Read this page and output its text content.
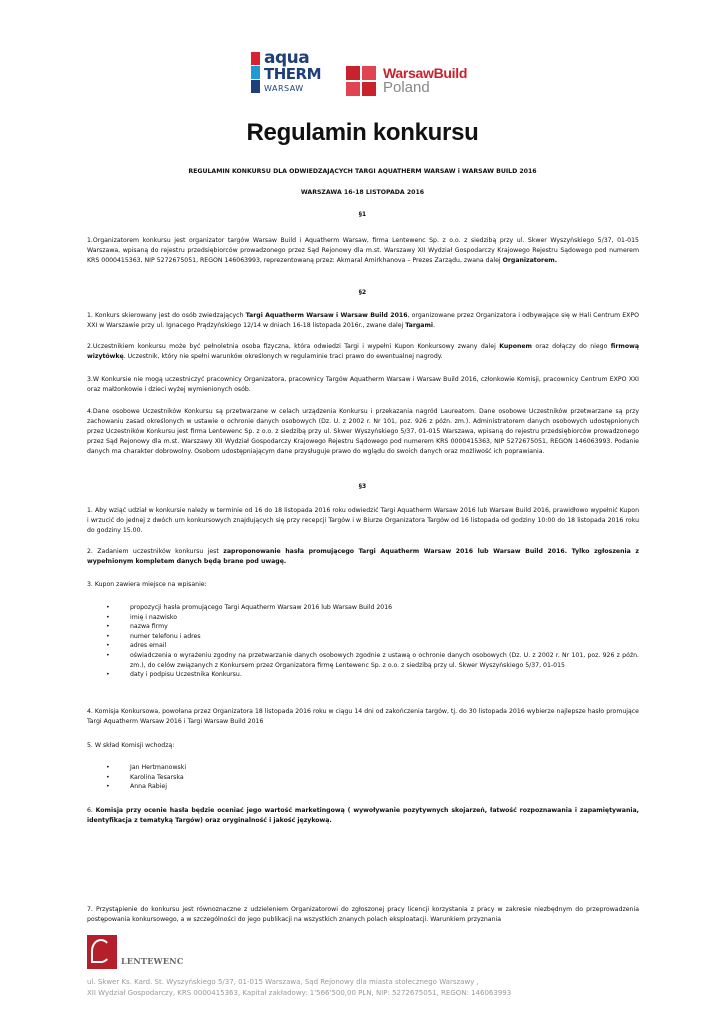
aqua
THERM
WARSAW
WarsawBuild
Poland
Regulamin konkursu
REGULAMIN KONKURSU DLA ODWIEDZAJĄCYCH TARGI AQUATHERM WARSAW i WARSAW BUILD 2016
WARSZAWA 16-18 LISTOPADA 2016
§1

1.Organizatorem konkursu jest organizator targów Warsaw Build i Aquatherm Warsaw, firma Lentewenc Sp. z o.o. z siedzibą przy ul. Skwer Wyszyńskiego 5/37, 01-015 Warszawa, wpisaną do rejestru przedsiębiorców prowadzonego przez Sąd Rejonowy dla m.st. Warszawy XII Wydział Gospodarczy Krajowego Rejestru Sądowego pod numerem KRS 0000415363, NIP 5272675051, REGON 146063993, reprezentowaną przez: Akmaral Amirkhanova – Prezes Zarządu, zwana dalej Organizatorem.

§2

1. Konkurs skierowany jest do osób zwiedzających Targi Aquatherm Warsaw i Warsaw Build 2016, organizowane przez Organizatora i odbywające się w Hali Centrum EXPO XXI w Warszawie przy ul. Ignacego Prądzyńskiego 12/14 w dniach 16-18 listopada 2016r., zwane dalej Targami.

2.Uczestnikiem konkursu może być pełnoletnia osoba fizyczna, która odwiedzi Targi i wypełni Kupon Konkursowy zwany dalej Kuponem oraz dołączy do niego firmową wizytówkę. Uczestnik, który nie spełni warunków określonych w regulaminie traci prawo do ewentualnej nagrody.

3.W Konkursie nie mogą uczestniczyć pracownicy Organizatora, pracownicy Targów Aquatherm Warsaw i Warsaw Build 2016, członkowie Komisji, pracownicy Centrum EXPO XXI oraz małżonkowie i dzieci wyżej wymienionych osób.

4.Dane osobowe Uczestników Konkursu są przetwarzane w celach urządzenia Konkursu i przekazania nagród Laureatom. Dane osobowe Uczestników przetwarzane są przy zachowaniu zasad określonych w ustawie o ochronie danych osobowych (Dz. U. z 2002 r. Nr 101, poz. 926 z późn. zm.). Administratorem danych osobowych udostępnionych przez Uczestników Konkursu jest firma Lentewenc Sp. z o.o. z siedzibą przy ul. Skwer Wyszyńskiego 5/37, 01-015 Warszawa, wpisaną do rejestru przedsiębiorców prowadzonego przez Sąd Rejonowy dla m.st. Warszawy XII Wydział Gospodarczy Krajowego Rejestru Sądowego pod numerem KRS 0000415363, NIP 5272675051, REGON 146063993. Podanie danych ma charakter dobrowolny. Osobom udostępniającym dane przysługuje prawo do wglądu do swoich danych oraz możliwość ich poprawiania.

§3

1. Aby wziąć udział w konkursie należy w terminie od 16 do 18 listopada 2016 roku odwiedzić Targi Aquatherm Warsaw 2016 lub Warsaw Build 2016, prawidłowo wypełnić Kupon i wrzucić do jednej z dwóch urn konkursowych znajdujących się przy recepcji Targów i w Biurze Organizatora Targów od 16 listopada od godziny 10:00 do 18 listopada 2016 roku do godziny 15.00.

2. Zadaniem uczestników konkursu jest zaproponowanie hasła promującego Targi Aquatherm Warsaw 2016 lub Warsaw Build 2016. Tylko zgłoszenia z wypełnionym kompletem danych będą brane pod uwagę.

3. Kupon zawiera miejsce na wpisanie:

• propozycji hasła promującego Targi Aquatherm Warsaw 2016 lub Warsaw Build 2016
• imię i nazwisko
• nazwa firmy
• numer telefonu i adres
• adres email
• oświadczenia o wyrażeniu zgodny na przetwarzanie danych osobowych zgodnie z ustawą o ochronie danych osobowych (Dz. U. z 2002 r. Nr 101, poz. 926 z późn. zm.), do celów związanych z Konkursem przez Organizatora firmę Lentewenc Sp. z o.o. z siedzibą przy ul. Skwer Wyszyńskiego 5/37, 01-015
• daty i podpisu Uczestnika Konkursu.

4. Komisja Konkursowa, powołana przez Organizatora 18 listopada 2016 roku w ciągu 14 dni od zakończenia targów, tj. do 30 listopada 2016 wybierze najlepsze hasło promujące Targi Aquatherm Warsaw 2016 i Targi Warsaw Build 2016

5. W skład Komisji wchodzą:

• Jan Hertmanowski
• Karolina Tesarska
• Anna Rabiej

6. Komisja przy ocenie hasła będzie oceniać jego wartość marketingową ( wywoływanie pozytywnych skojarzeń, łatwość rozpoznawania i zapamiętywania, identyfikacja z tematyką Targów) oraz oryginalność i jakość językową.

7. Przystąpienie do konkursu jest równoznaczne z udzieleniem Organizatorowi do zgłoszonej pracy licencji korzystania z pracy w zakresie niezbędnym do przeprowadzenia postępowania konkursowego, a w szczególności do jego publikacji na wszystkich znanych polach eksploatacji. Warunkiem przyznania

LENTEWENC
ul. Skwer Ks. Kard. St. Wyszyńskiego 5/37, 01-015 Warszawa, Sąd Rejonowy dla miasta stołecznego Warszawy ,
XII Wydział Gospodarczy, KRS 0000415363, Kapitał zakładowy: 1'566'500,00 PLN, NIP: 5272675051, REGON: 146063993
